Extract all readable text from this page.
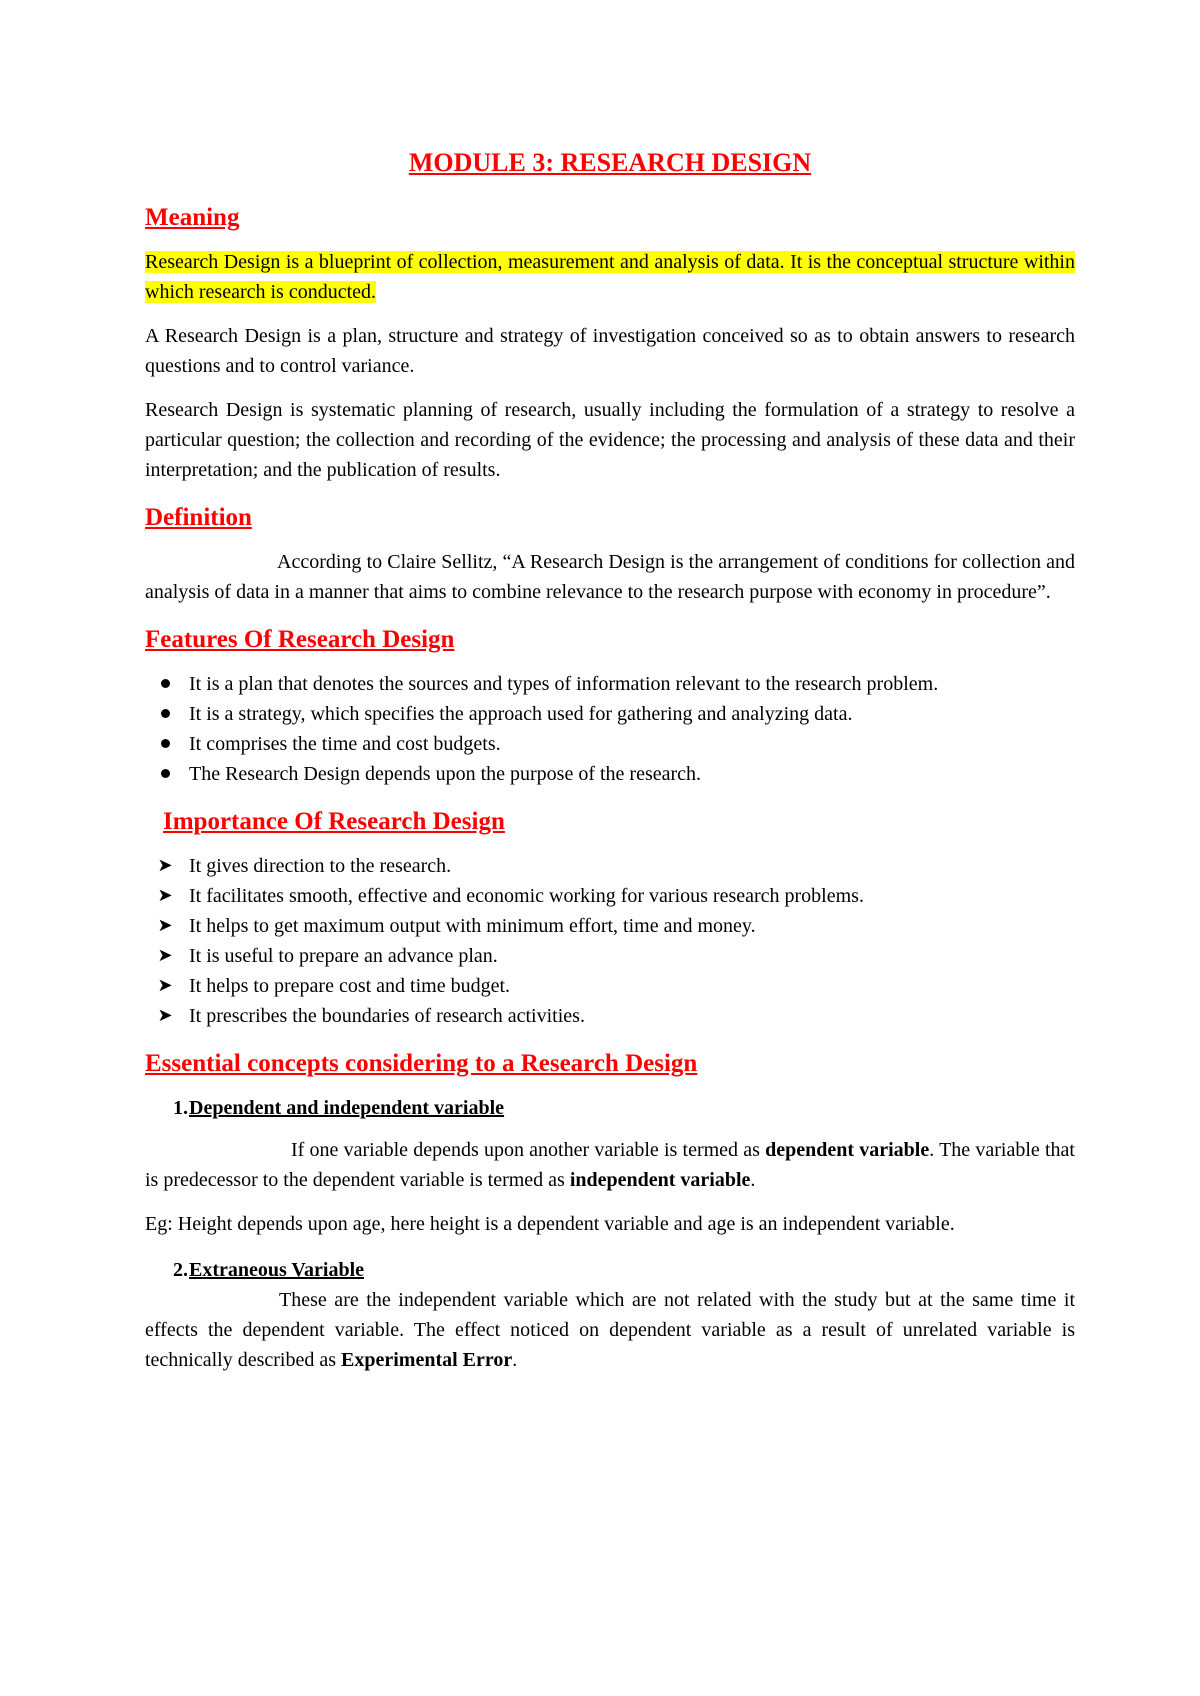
MODULE 3: RESEARCH DESIGN
Meaning

Research Design is a blueprint of collection, measurement and analysis of data. It is the conceptual structure within which research is conducted.

A Research Design is a plan, structure and strategy of investigation conceived so as to obtain answers to research questions and to control variance.

Research Design is systematic planning of research, usually including the formulation of a strategy to resolve a particular question; the collection and recording of the evidence; the processing and analysis of these data and their interpretation; and the publication of results.

Definition

According to Claire Sellitz, “A Research Design is the arrangement of conditions for collection and analysis of data in a manner that aims to combine relevance to the research purpose with economy in procedure”.

Features Of Research Design
It is a plan that denotes the sources and types of information relevant to the research problem.
It is a strategy, which specifies the approach used for gathering and analyzing data.
It comprises the time and cost budgets.
The Research Design depends upon the purpose of the research.
Importance Of Research Design
➤ It gives direction to the research.
➤ It facilitates smooth, effective and economic working for various research problems.
➤ It helps to get maximum output with minimum effort, time and money.
➤ It is useful to prepare an advance plan.
➤ It helps to prepare cost and time budget.
➤ It prescribes the boundaries of research activities.
Essential concepts considering to a Research Design
1. Dependent and independent variable

If one variable depends upon another variable is termed as dependent variable. The variable that is predecessor to the dependent variable is termed as independent variable.

Eg: Height depends upon age, here height is a dependent variable and age is an independent variable.

2. Extraneous Variable

These are the independent variable which are not related with the study but at the same time it effects the dependent variable. The effect noticed on dependent variable as a result of unrelated variable is technically described as Experimental Error.
